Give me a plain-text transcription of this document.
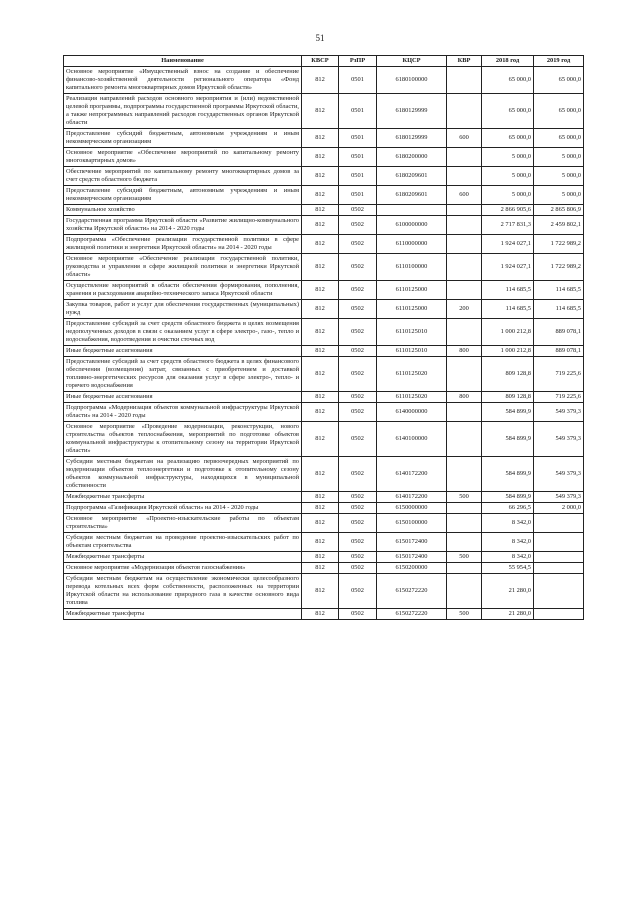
51
Наименование	КВСР	РзПР	КЦСР	КВР	2018 год	2019 год
Основное мероприятие «Имущественный взнос на создание и обеспечение финансово-хозяйственной деятельности регионального оператора «Фонд капитального ремонта многоквартирных домов Иркутской области»	812	0501	6180100000		65 000,0	65 000,0
Реализация направлений расходов основного мероприятия и (или) ведомственной целевой программы, подпрограммы государственной программы Иркутской области, а также непрограммных направлений расходов государственных органов Иркутской области	812	0501	6180129999		65 000,0	65 000,0
Предоставление субсидий бюджетным, автономным учреждениям и иным некоммерческим организациям	812	0501	6180129999	600	65 000,0	65 000,0
Основное мероприятие «Обеспечение мероприятий по капитальному ремонту многоквартирных домов»	812	0501	6180200000		5 000,0	5 000,0
Обеспечение мероприятий по капитальному ремонту многоквартирных домов за счет средств областного бюджета	812	0501	6180209601		5 000,0	5 000,0
Предоставление субсидий бюджетным, автономным учреждениям и иным некоммерческим организациям	812	0501	6180209601	600	5 000,0	5 000,0
Коммунальное хозяйство	812	0502			2 866 905,6	2 865 806,9
Государственная программа Иркутской области «Развитие жилищно-коммунального хозяйства Иркутской области» на 2014 - 2020 годы	812	0502	6100000000		2 717 831,3	2 459 802,1
Подпрограмма «Обеспечение реализации государственной политики в сфере жилищной политики и энергетики Иркутской области» на 2014 - 2020 годы	812	0502	6110000000		1 924 027,1	1 722 989,2
Основное мероприятие «Обеспечение реализации государственной политики, руководства и управления в сфере жилищной политики и энергетики Иркутской области»	812	0502	6110100000		1 924 027,1	1 722 989,2
Осуществление мероприятий в области обеспечения формирования, пополнения, хранения и расходования аварийно-технического запаса Иркутской области	812	0502	6110125000		114 685,5	114 685,5
Закупка товаров, работ и услуг для обеспечения государственных (муниципальных) нужд	812	0502	6110125000	200	114 685,5	114 685,5
Предоставление субсидий за счет средств областного бюджета в целях возмещения недополученных доходов в связи с оказанием услуг в сфере электро-, газо-, тепло и водоснабжения, водоотведения и очистки сточных вод	812	0502	6110125010		1 000 212,8	889 078,1
Иные бюджетные ассигнования	812	0502	6110125010	800	1 000 212,8	889 078,1
Предоставление субсидий за счет средств областного бюджета в целях финансового обеспечения (возмещения) затрат, связанных с приобретением и доставкой топливно-энергетических ресурсов для оказания услуг в сфере электро-, тепло- и горячего водоснабжения	812	0502	6110125020		809 128,8	719 225,6
Иные бюджетные ассигнования	812	0502	6110125020	800	809 128,8	719 225,6
Подпрограмма «Модернизация объектов коммунальной инфраструктуры Иркутской области» на 2014 - 2020 годы	812	0502	6140000000		584 899,9	549 379,3
Основное мероприятие «Проведение модернизации, реконструкции, нового строительства объектов теплоснабжения, мероприятий по подготовке объектов коммунальной инфраструктуры к отопительному сезону на территории Иркутской области»	812	0502	6140100000		584 899,9	549 379,3
Субсидии местным бюджетам на реализацию первоочередных мероприятий по модернизации объектов теплоэнергетики и подготовке к отопительному сезону объектов коммунальной инфраструктуры, находящихся в муниципальной собственности	812	0502	6140172200		584 899,9	549 379,3
Межбюджетные трансферты	812	0502	6140172200	500	584 899,9	549 379,3
Подпрограмма «Газификация Иркутской области» на 2014 - 2020 годы	812	0502	6150000000		66 296,5	2 000,0
Основное мероприятие «Проектно-изыскательские работы по объектам строительства»	812	0502	6150100000		8 342,0	
Субсидии местным бюджетам на проведение проектно-изыскательских работ по объектам строительства	812	0502	6150172400		8 342,0	
Межбюджетные трансферты	812	0502	6150172400	500	8 342,0	
Основное мероприятие «Модернизация объектов газоснабжения»	812	0502	6150200000		55 954,5	
Субсидии местным бюджетам на осуществление экономически целесообразного перевода котельных всех форм собственности, расположенных на территории Иркутской области на использование природного газа в качестве основного вида топлива	812	0502	6150272220		21 280,0	
Межбюджетные трансферты	812	0502	6150272220	500	21 280,0	
